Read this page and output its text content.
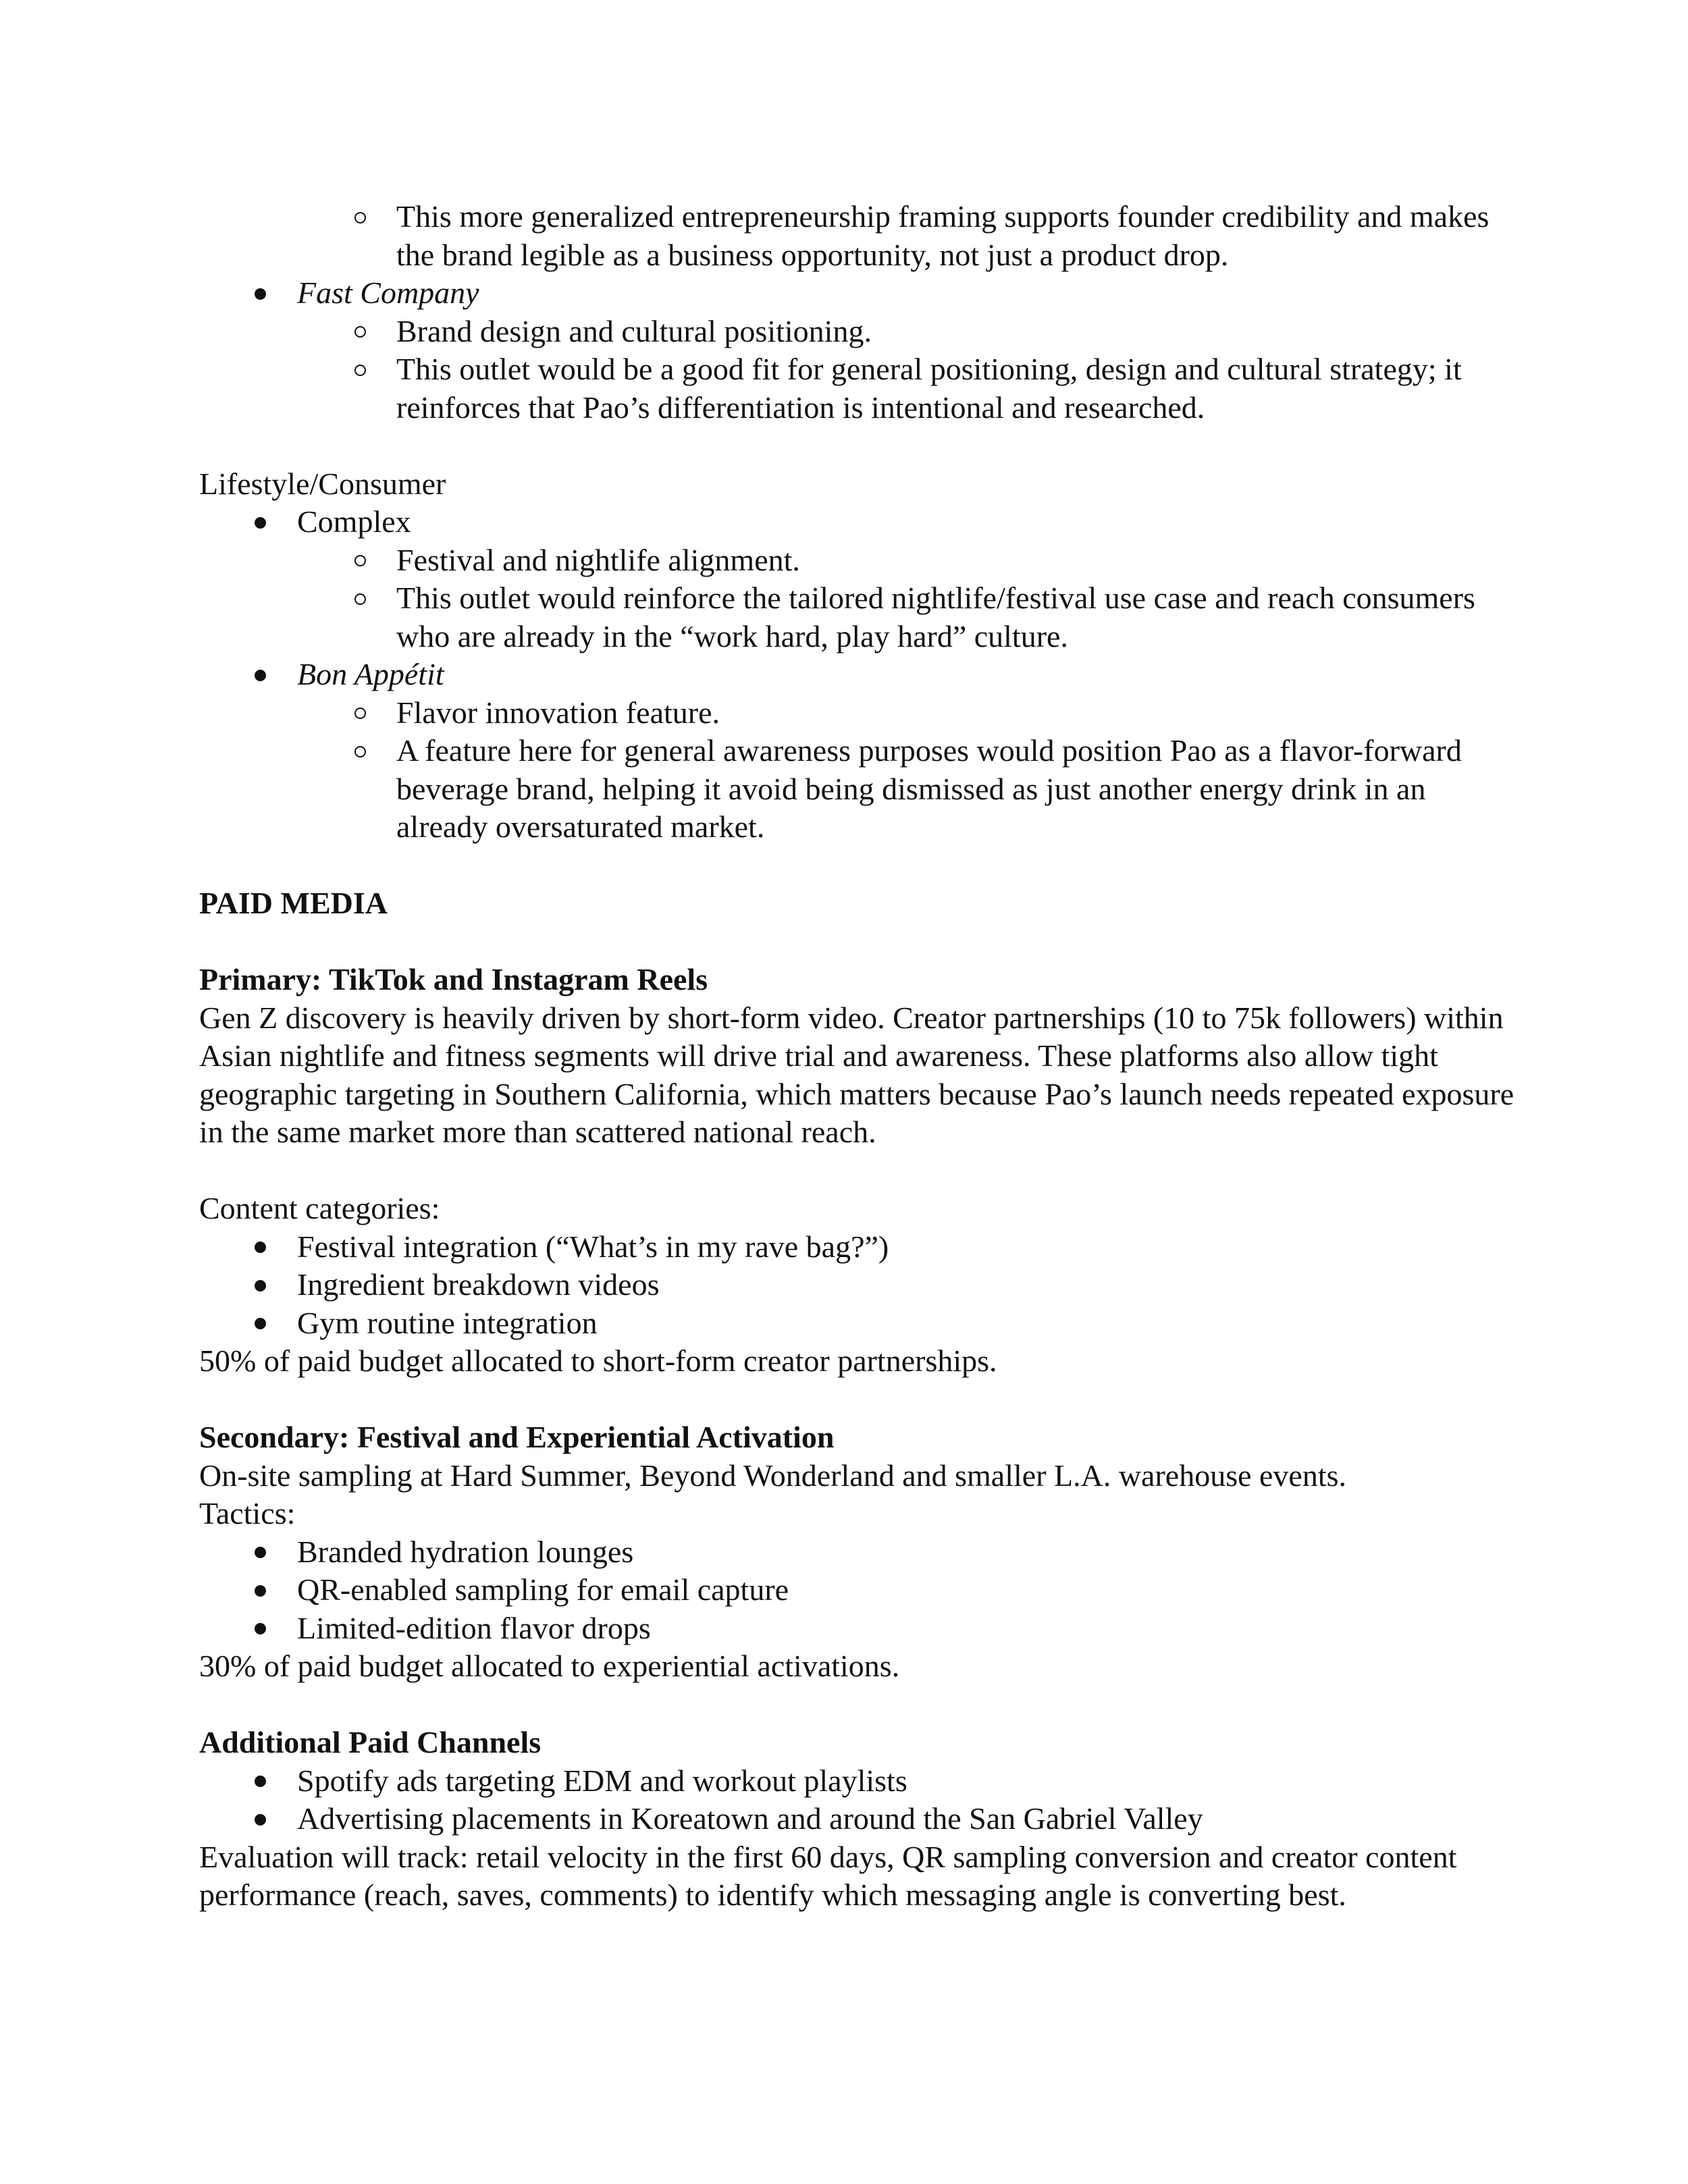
This more generalized entrepreneurship framing supports founder credibility and makes the brand legible as a business opportunity, not just a product drop.
Fast Company
Brand design and cultural positioning.
This outlet would be a good fit for general positioning, design and cultural strategy; it reinforces that Pao’s differentiation is intentional and researched.

Lifestyle/Consumer

Complex
Festival and nightlife alignment.
This outlet would reinforce the tailored nightlife/festival use case and reach consumers who are already in the “work hard, play hard” culture.
Bon Appétit
Flavor innovation feature.
A feature here for general awareness purposes would position Pao as a flavor-forward beverage brand, helping it avoid being dismissed as just another energy drink in an already oversaturated market.

PAID MEDIA

Primary: TikTok and Instagram Reels

Gen Z discovery is heavily driven by short-form video. Creator partnerships (10 to 75k followers) within Asian nightlife and fitness segments will drive trial and awareness. These platforms also allow tight geographic targeting in Southern California, which matters because Pao’s launch needs repeated exposure in the same market more than scattered national reach.

Content categories:

Festival integration (“What’s in my rave bag?”)
Ingredient breakdown videos
Gym routine integration

50% of paid budget allocated to short-form creator partnerships.

Secondary: Festival and Experiential Activation

On-site sampling at Hard Summer, Beyond Wonderland and smaller L.A. warehouse events.

Tactics:

Branded hydration lounges
QR-enabled sampling for email capture
Limited-edition flavor drops

30% of paid budget allocated to experiential activations.

Additional Paid Channels

Spotify ads targeting EDM and workout playlists
Advertising placements in Koreatown and around the San Gabriel Valley

Evaluation will track: retail velocity in the first 60 days, QR sampling conversion and creator content performance (reach, saves, comments) to identify which messaging angle is converting best.
